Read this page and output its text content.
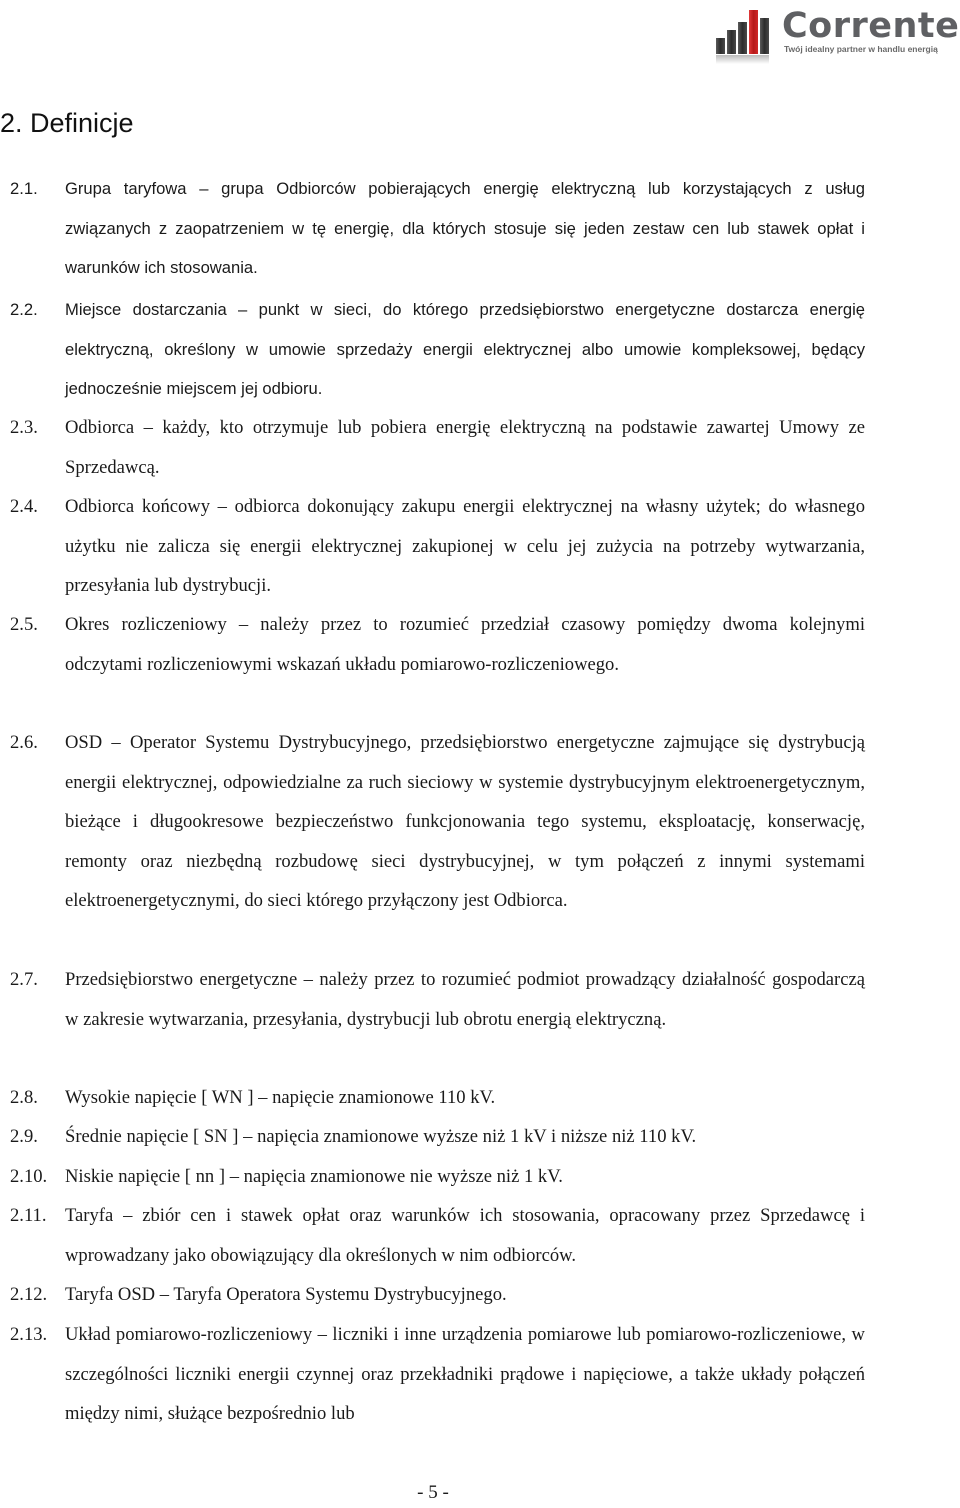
Corrente
Twój idealny partner w handlu energią
2. Definicje
2.1. Grupa taryfowa – grupa Odbiorców pobierających energię elektryczną lub korzystających z usług związanych z zaopatrzeniem w tę energię, dla których stosuje się jeden zestaw cen lub stawek opłat i warunków ich stosowania.
2.2. Miejsce dostarczania – punkt w sieci, do którego przedsiębiorstwo energetyczne dostarcza energię elektryczną, określony w umowie sprzedaży energii elektrycznej albo umowie kompleksowej, będący jednocześnie miejscem jej odbioru.
2.3. Odbiorca – każdy, kto otrzymuje lub pobiera energię elektryczną na podstawie zawartej Umowy ze Sprzedawcą.
2.4. Odbiorca końcowy – odbiorca dokonujący zakupu energii elektrycznej na własny użytek; do własnego użytku nie zalicza się energii elektrycznej zakupionej w celu jej zużycia na potrzeby wytwarzania, przesyłania lub dystrybucji.
2.5. Okres rozliczeniowy – należy przez to rozumieć przedział czasowy pomiędzy dwoma kolejnymi odczytami rozliczeniowymi wskazań układu pomiarowo-rozliczeniowego.
2.6. OSD – Operator Systemu Dystrybucyjnego, przedsiębiorstwo energetyczne zajmujące się dystrybucją energii elektrycznej, odpowiedzialne za ruch sieciowy w systemie dystrybucyjnym elektroenergetycznym, bieżące i długookresowe bezpieczeństwo funkcjonowania tego systemu, eksploatację, konserwację, remonty oraz niezbędną rozbudowę sieci dystrybucyjnej, w tym połączeń z innymi systemami elektroenergetycznymi, do sieci którego przyłączony jest Odbiorca.
2.7. Przedsiębiorstwo energetyczne – należy przez to rozumieć podmiot prowadzący działalność gospodarczą w zakresie wytwarzania, przesyłania, dystrybucji lub obrotu energią elektryczną.
2.8. Wysokie napięcie [ WN ] – napięcie znamionowe 110 kV.
2.9. Średnie napięcie [ SN ] – napięcia znamionowe wyższe niż 1 kV i niższe niż 110 kV.
2.10. Niskie napięcie [ nn ] – napięcia znamionowe nie wyższe niż 1 kV.
2.11. Taryfa – zbiór cen i stawek opłat oraz warunków ich stosowania, opracowany przez Sprzedawcę i wprowadzany jako obowiązujący dla określonych w nim odbiorców.
2.12. Taryfa OSD – Taryfa Operatora Systemu Dystrybucyjnego.
2.13. Układ pomiarowo-rozliczeniowy – liczniki i inne urządzenia pomiarowe lub pomiarowo-rozliczeniowe, w szczególności liczniki energii czynnej oraz przekładniki prądowe i napięciowe, a także układy połączeń między nimi, służące bezpośrednio lub
- 5 -
